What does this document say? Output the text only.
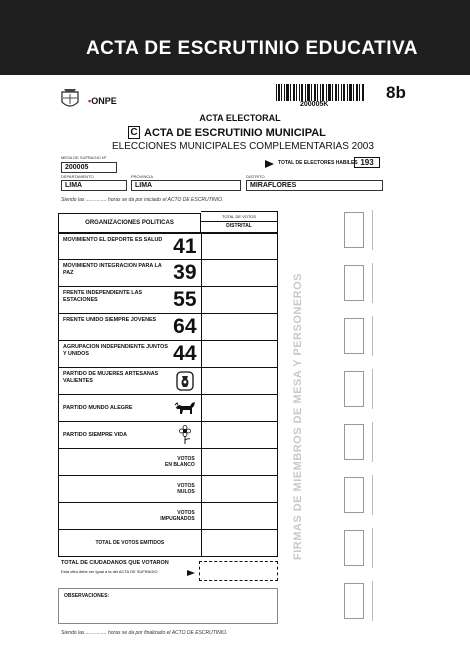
ACTA DE ESCRUTINIO EDUCATIVA
▪ONPE	200005K
8b
ACTA ELECTORAL
C ACTA DE ESCRUTINIO MUNICIPAL
ELECCIONES MUNICIPALES COMPLEMENTARIAS 2003
MESA DE SUFRAGIO Nº
200005
TOTAL DE ELECTORES HABILES 193
DEPARTAMENTO
LIMA
PROVINCIA
LIMA
DISTRITO
MIRAFLORES
Siendo las ............... horas se da por iniciado el ACTO DE ESCRUTINIO.
ORGANIZACIONES POLITICAS
TOTAL DE VOTOS
DISTRITAL
MOVIMIENTO EL DEPORTE ES SALUD 41
MOVIMIENTO INTEGRACION PARA LA PAZ	39
FRENTE INDEPENDIENTE LAS ESTACIONES	55
FRENTE UNIDO SIEMPRE JOVENES 64
AGRUPACION INDEPENDIENTE JUNTOS Y UNIDOS	44
PARTIDO DE MUJERES ARTESANAS VALIENTES
PARTIDO MUNDO ALEGRE
PARTIDO SIEMPRE VIDA
VOTOS
EN BLANCO
VOTOS
NULOS
VOTOS
IMPUGNADOS
TOTAL DE VOTOS EMITIDOS
TOTAL DE CIUDADANOS QUE VOTARON
Esta cifra debe ser igual a la del ACTA DE SUFRAGIO
OBSERVACIONES:
Siendo las ............... horas se da por finalizado el ACTO DE ESCRUTINIO.
FIRMAS DE MIEMBROS DE MESA Y PERSONEROS
